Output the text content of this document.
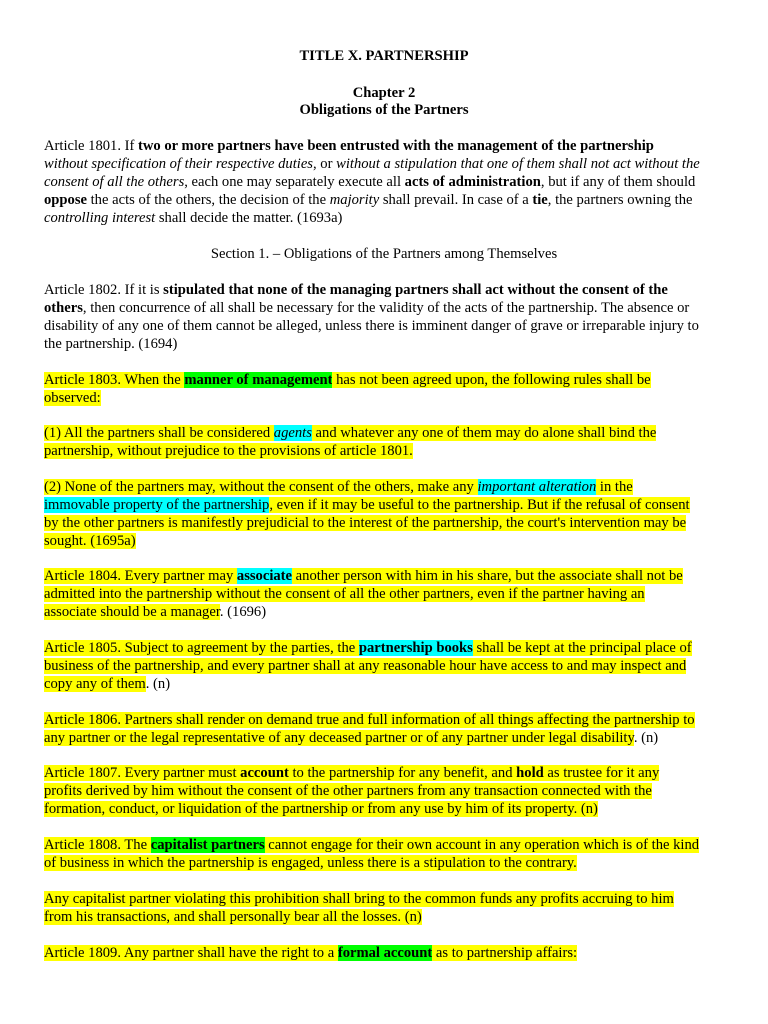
TITLE X. PARTNERSHIP
Chapter 2
Obligations of the Partners
Article 1801. If two or more partners have been entrusted with the management of the partnership
without specification of their respective duties, or without a stipulation that one of them shall not act without the
consent of all the others, each one may separately execute all acts of administration, but if any of them should
oppose the acts of the others, the decision of the majority shall prevail. In case of a tie, the partners owning the
controlling interest shall decide the matter. (1693a)
Section 1. – Obligations of the Partners among Themselves
Article 1802. If it is stipulated that none of the managing partners shall act without the consent of the
others, then concurrence of all shall be necessary for the validity of the acts of the partnership. The absence or
disability of any one of them cannot be alleged, unless there is imminent danger of grave or irreparable injury to
the partnership. (1694)
Article 1803. When the manner of management has not been agreed upon, the following rules shall be
observed:
(1) All the partners shall be considered agents and whatever any one of them may do alone shall bind the
partnership, without prejudice to the provisions of article 1801.
(2) None of the partners may, without the consent of the others, make any important alteration in the
immovable property of the partnership, even if it may be useful to the partnership. But if the refusal of consent
by the other partners is manifestly prejudicial to the interest of the partnership, the court's intervention may be
sought. (1695a)
Article 1804. Every partner may associate another person with him in his share, but the associate shall not be
admitted into the partnership without the consent of all the other partners, even if the partner having an
associate should be a manager. (1696)
Article 1805. Subject to agreement by the parties, the partnership books shall be kept at the principal place of
business of the partnership, and every partner shall at any reasonable hour have access to and may inspect and
copy any of them. (n)
Article 1806. Partners shall render on demand true and full information of all things affecting the partnership to
any partner or the legal representative of any deceased partner or of any partner under legal disability. (n)
Article 1807. Every partner must account to the partnership for any benefit, and hold as trustee for it any
profits derived by him without the consent of the other partners from any transaction connected with the
formation, conduct, or liquidation of the partnership or from any use by him of its property. (n)
Article 1808. The capitalist partners cannot engage for their own account in any operation which is of the kind
of business in which the partnership is engaged, unless there is a stipulation to the contrary.
Any capitalist partner violating this prohibition shall bring to the common funds any profits accruing to him
from his transactions, and shall personally bear all the losses. (n)
Article 1809. Any partner shall have the right to a formal account as to partnership affairs:
